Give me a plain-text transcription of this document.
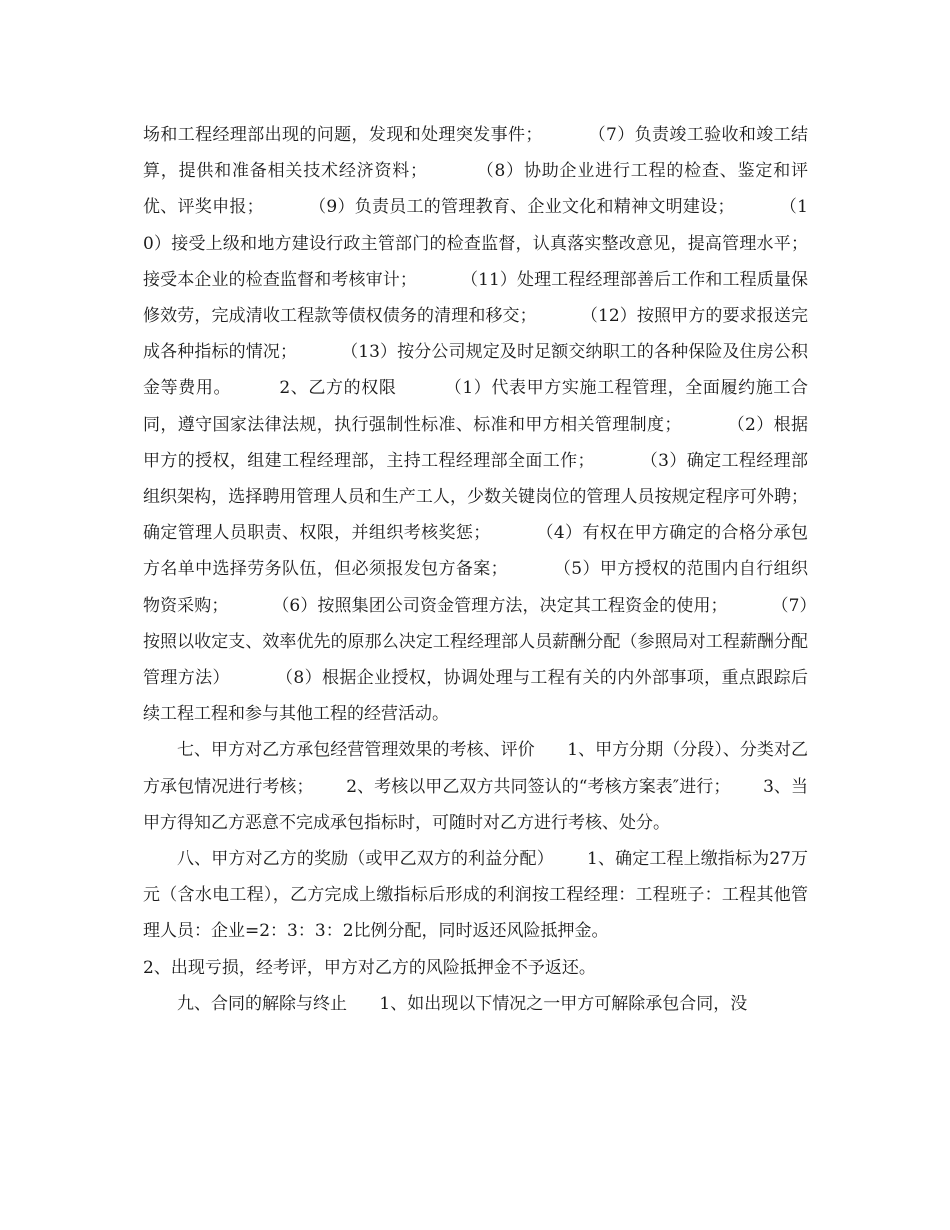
场和工程经理部出现的问题，发现和处理突发事件；        （7）负责竣工验收和竣工结算，提供和准备相关技术经济资料；        （8）协助企业进行工程的检查、鉴定和评优、评奖申报；        （9）负责员工的管理教育、企业文化和精神文明建设；        （10）接受上级和地方建设行政主管部门的检查监督，认真落实整改意见，提高管理水平；接受本企业的检查监督和考核审计；        （11）处理工程经理部善后工作和工程质量保修效劳，完成清收工程款等债权债务的清理和移交；        （12）按照甲方的要求报送完成各种指标的情况；        （13）按分公司规定及时足额交纳职工的各种保险及住房公积金等费用。        2、乙方的权限        （1）代表甲方实施工程管理，全面履约施工合同，遵守国家法律法规，执行强制性标准、标准和甲方相关管理制度；        （2）根据甲方的授权，组建工程经理部，主持工程经理部全面工作；        （3）确定工程经理部组织架构，选择聘用管理人员和生产工人，少数关键岗位的管理人员按规定程序可外聘；确定管理人员职责、权限，并组织考核奖惩；        （4）有权在甲方确定的合格分承包方名单中选择劳务队伍，但必须报发包方备案；        （5）甲方授权的范围内自行组织物资采购；        （6）按照集团公司资金管理方法，决定其工程资金的使用；        （7）按照以收定支、效率优先的原那么决定工程经理部人员薪酬分配（参照局对工程薪酬分配管理方法）        （8）根据企业授权，协调处理与工程有关的内外部事项，重点跟踪后续工程工程和参与其他工程的经营活动。

七、甲方对乙方承包经营管理效果的考核、评价      1、甲方分期（分段）、分类对乙方承包情况进行考核；      2、考核以甲乙双方共同签认的“考核方案表″进行；      3、当甲方得知乙方恶意不完成承包指标时，可随时对乙方进行考核、处分。

八、甲方对乙方的奖励（或甲乙双方的利益分配）      1、确定工程上缴指标为27万元（含水电工程），乙方完成上缴指标后形成的利润按工程经理：工程班子：工程其他管理人员：企业=2：3：3：2比例分配，同时返还风险抵押金。

2、出现亏损，经考评，甲方对乙方的风险抵押金不予返还。

九、合同的解除与终止      1、如出现以下情况之一甲方可解除承包合同，没
